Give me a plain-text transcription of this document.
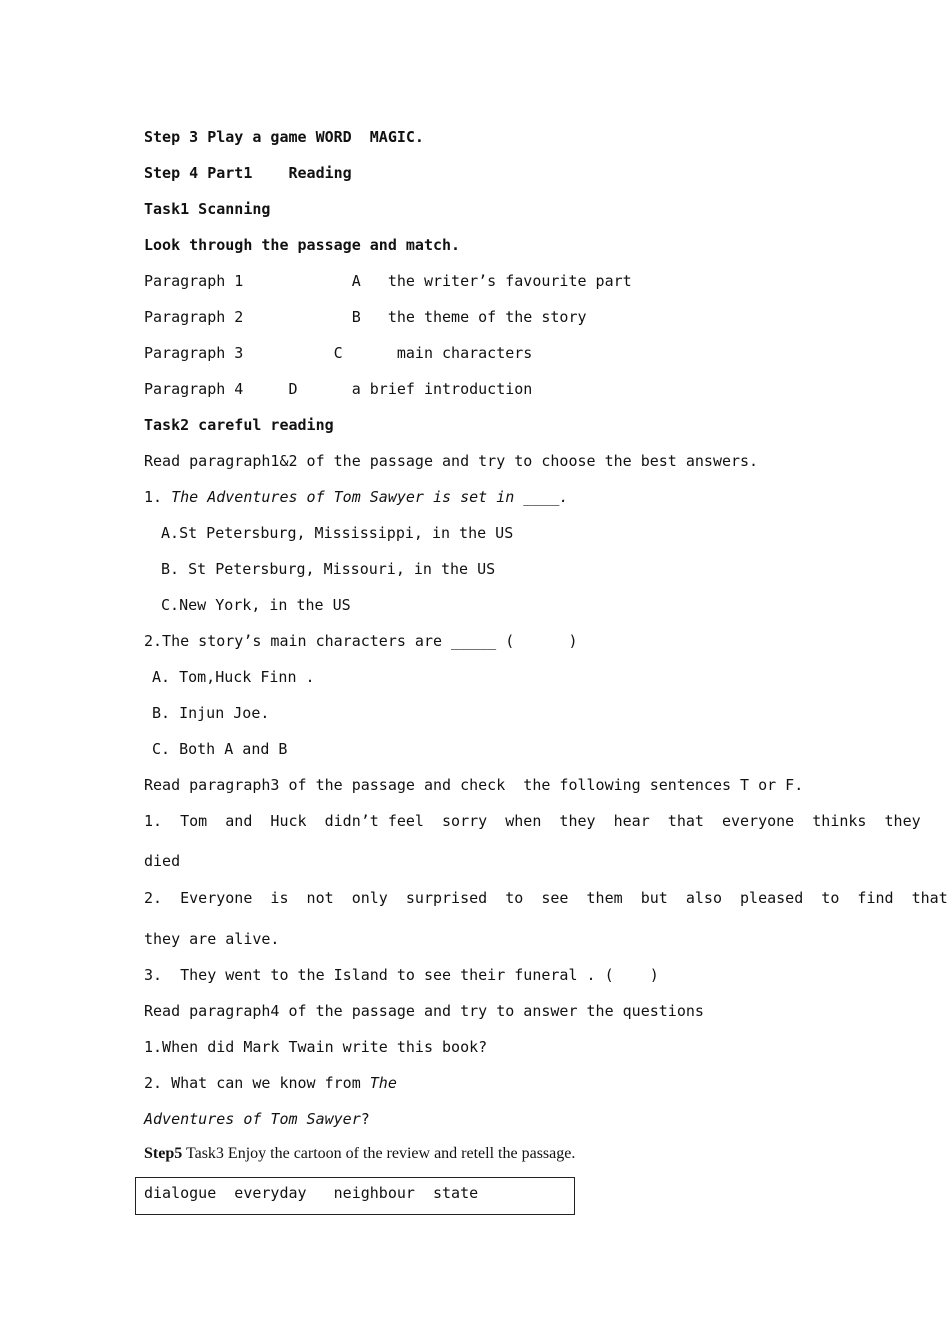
Step 3 Play a game WORD  MAGIC.
Step 4 Part1    Reading
Task1 Scanning
Look through the passage and match.
Paragraph 1            A   the writer’s favourite part
Paragraph 2            B   the theme of the story
Paragraph 3          C      main characters
Paragraph 4     D      a brief introduction
Task2 careful reading
Read paragraph1&2 of the passage and try to choose the best answers.
1. The Adventures of Tom Sawyer is set in ____.
A.St Petersburg, Mississippi, in the US
B. St Petersburg, Missouri, in the US
C.New York, in the US
2.The story’s main characters are _____ (      )
A. Tom,Huck Finn .
B. Injun Joe.
C. Both A and B
Read paragraph3 of the passage and check  the following sentences T or F.
1.  Tom  and  Huck  didn’t feel  sorry  when  they  hear  that  everyone  thinks  they
died
2.  Everyone  is  not  only  surprised  to  see  them  but  also  pleased  to  find  that
they are alive.
3.  They went to the Island to see their funeral . (    )
Read paragraph4 of the passage and try to answer the questions
1.When did Mark Twain write this book?
2. What can we know from The
Adventures of Tom Sawyer?
Step5 Task3 Enjoy the cartoon of the review and retell the passage.
dialogue  everyday   neighbour  state
